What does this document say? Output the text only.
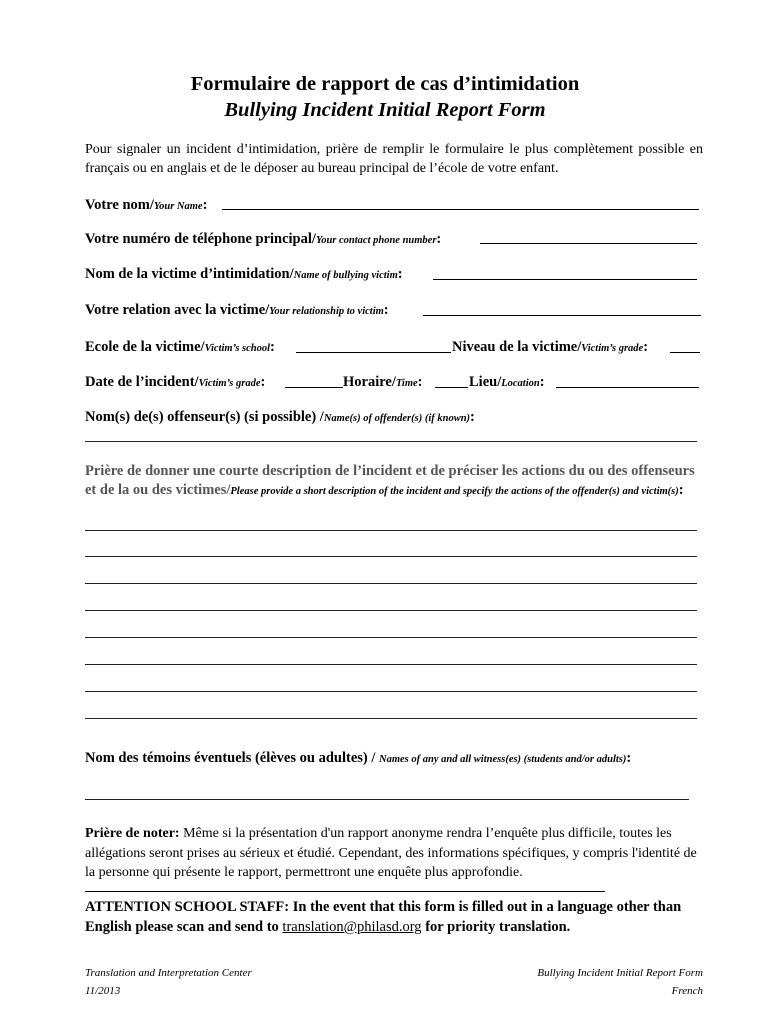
Formulaire de rapport de cas d’intimidation
Bullying Incident Initial Report Form
Pour signaler un incident d’intimidation, prière de remplir le formulaire le plus complètement possible en français ou en anglais et de le déposer au bureau principal de l’école de votre enfant.
Votre nom/Your Name:
Votre numéro de téléphone principal/Your contact phone number:
Nom de la victime d’intimidation/Name of bullying victim:
Votre relation avec la victime/Your relationship to victim:
Ecole de la victime/Victim’s school:	Niveau de la victime/Victim’s grade:
Date de l’incident/Victim’s grade:	Horaire/Time:	Lieu/Location:
Nom(s) de(s) offenseur(s) (si possible) /Name(s) of offender(s) (if known):
Prière de donner une courte description de l’incident et de préciser les actions du ou des offenseurs et de la ou des victimes/Please provide a short description of the incident and specify the actions of the offender(s) and victim(s):
Nom des témoins éventuels (élèves ou adultes) / Names of any and all witness(es) (students and/or adults):
Prière de noter: Même si la présentation d'un rapport anonyme rendra l’enquête plus difficile, toutes les allégations seront prises au sérieux et étudié. Cependant, des informations spécifiques, y compris l'identité de la personne qui présente le rapport, permettront une enquête plus approfondie.
ATTENTION SCHOOL STAFF: In the event that this form is filled out in a language other than English please scan and send to translation@philasd.org for priority translation.
Translation and Interpretation Center
11/2013
Bullying Incident Initial Report Form
French
